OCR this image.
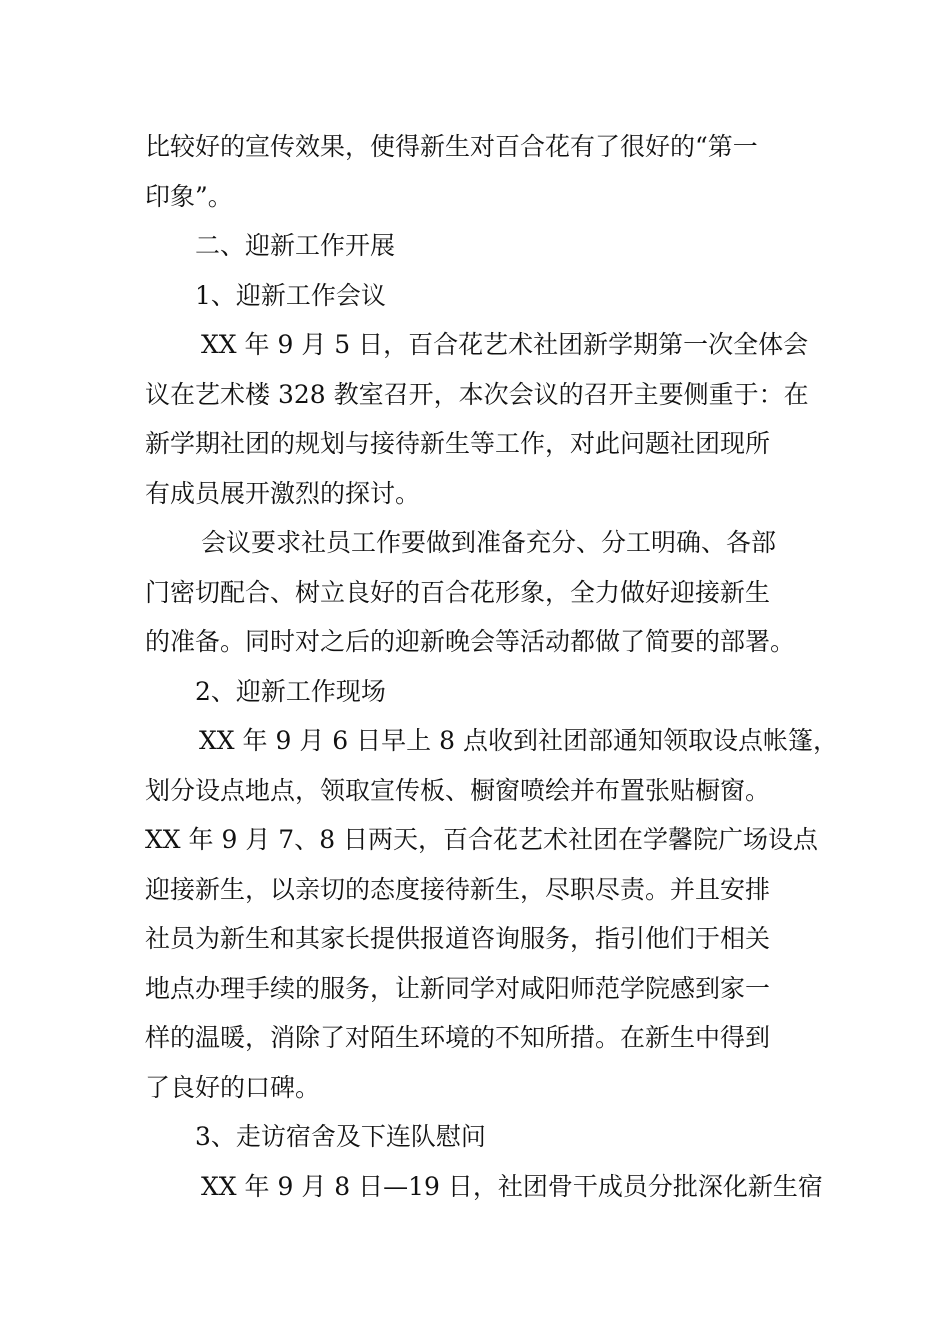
比较好的宣传效果，使得新生对百合花有了很好的“第一
印象”。
二、迎新工作开展
1、迎新工作会议
XX 年 9 月 5 日，百合花艺术社团新学期第一次全体会
议在艺术楼 328 教室召开，本次会议的召开主要侧重于：在
新学期社团的规划与接待新生等工作，对此问题社团现所
有成员展开激烈的探讨。
会议要求社员工作要做到准备充分、分工明确、各部
门密切配合、树立良好的百合花形象，全力做好迎接新生
的准备。同时对之后的迎新晚会等活动都做了简要的部署。
2、迎新工作现场
XX 年 9 月 6 日早上 8 点收到社团部通知领取设点帐篷，
划分设点地点，领取宣传板、橱窗喷绘并布置张贴橱窗。
XX 年 9 月 7、8 日两天，百合花艺术社团在学馨院广场设点
迎接新生，以亲切的态度接待新生，尽职尽责。并且安排
社员为新生和其家长提供报道咨询服务，指引他们于相关
地点办理手续的服务，让新同学对咸阳师范学院感到家一
样的温暖，消除了对陌生环境的不知所措。在新生中得到
了良好的口碑。
3、走访宿舍及下连队慰问
XX 年 9 月 8 日—19 日，社团骨干成员分批深化新生宿
